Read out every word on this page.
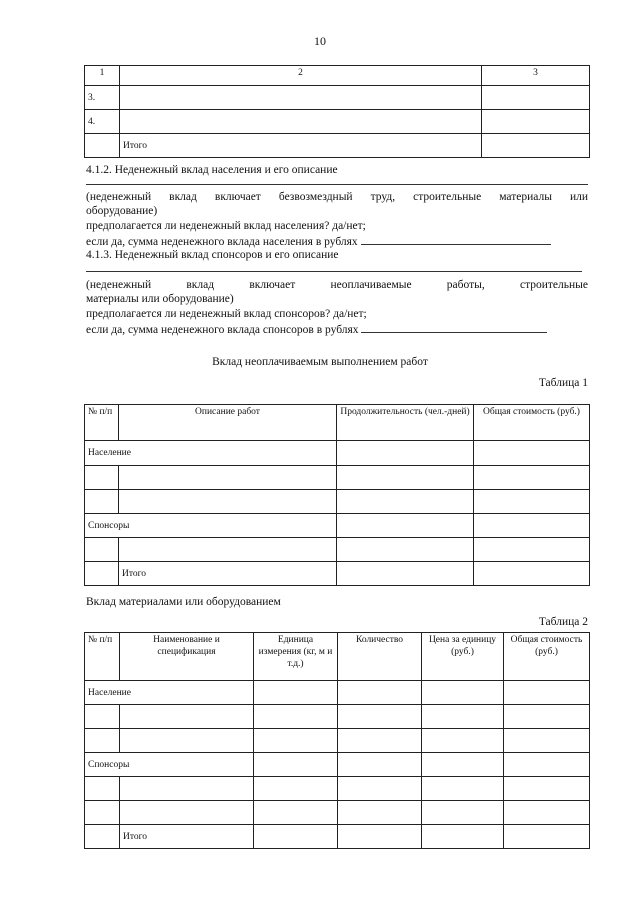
10
1	2	3
3.		
4.		
	Итого	
4.1.2. Неденежный вклад населения и его описание
(неденежный вклад включает безвозмездный труд, строительные материалы или
оборудование)
предполагается ли неденежный вклад населения? да/нет;
если да, сумма неденежного вклада населения в рублях
4.1.3. Неденежный вклад спонсоров и его описание
(неденежный вклад включает неоплачиваемые работы, строительные
материалы или оборудование)
предполагается ли неденежный вклад спонсоров? да/нет;
если да, сумма неденежного вклада спонсоров в рублях
Вклад неоплачиваемым выполнением работ
Таблица 1
№ п/п	Описание работ	Продолжительность (чел.-дней)	Общая стоимость (руб.)
Население			

Спонсоры			

	Итого		
Вклад материалами или оборудованием
Таблица 2
№ п/п	Наименование и спецификация	Единица измерения (кг, м и т.д.)	Количество	Цена за единицу (руб.)	Общая стоимость (руб.)
Население					

Спонсоры					

	Итого				
